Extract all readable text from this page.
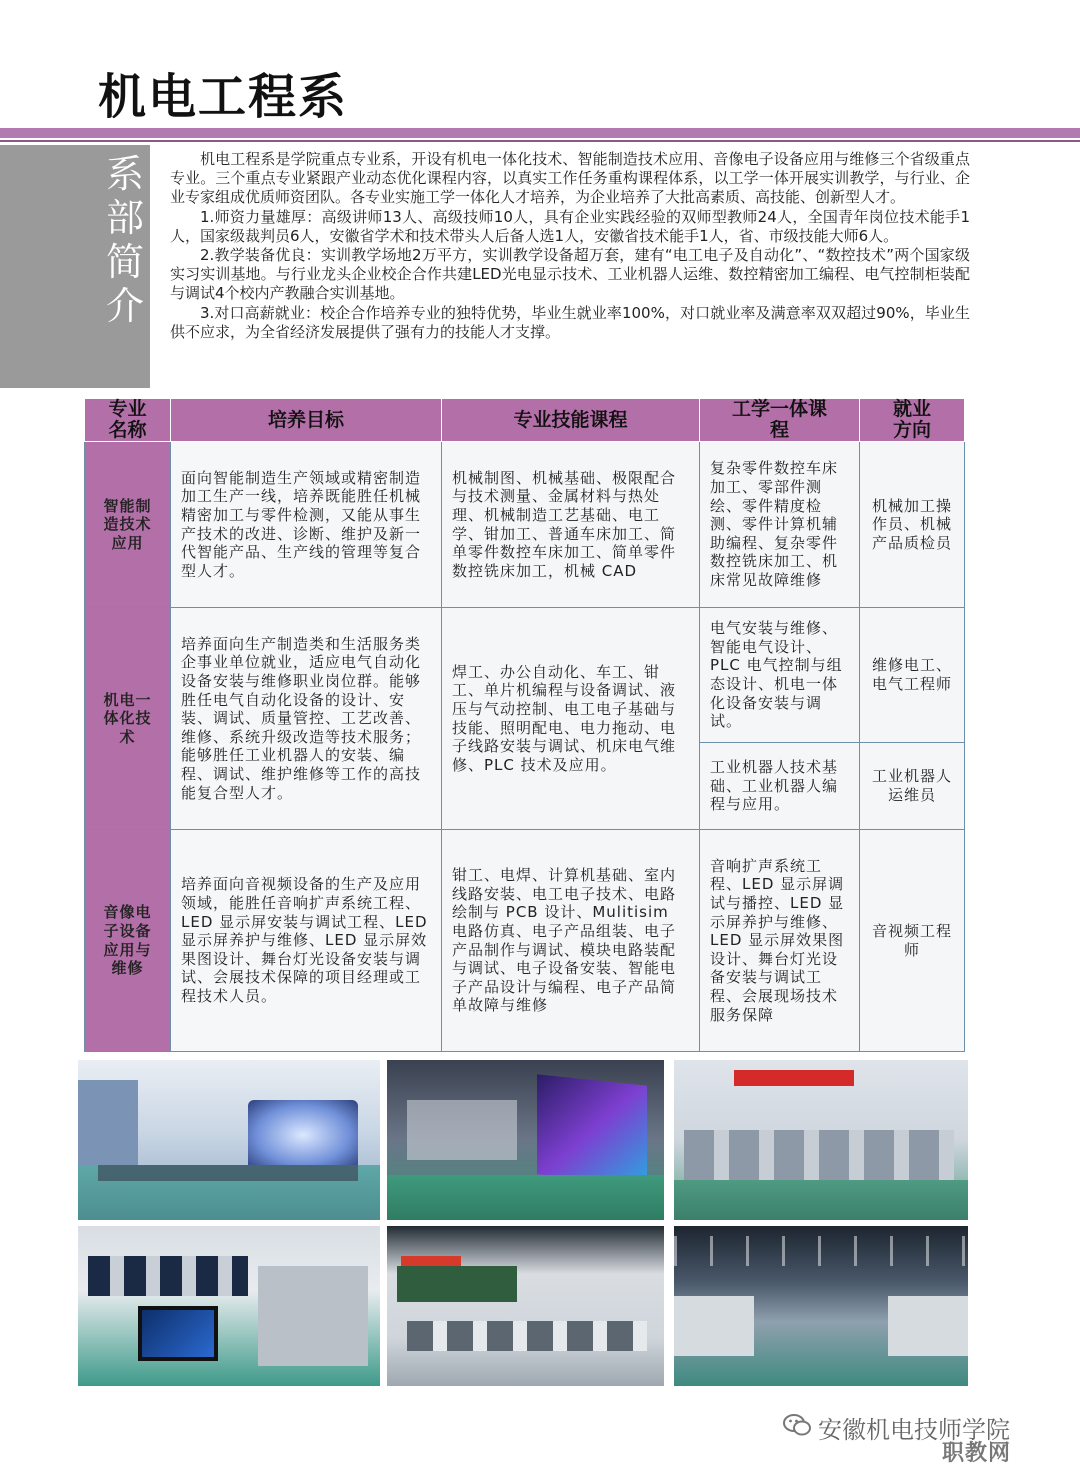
机电工程系
系
部
简
介

机电工程系是学院重点专业系，开设有机电一体化技术、智能制造技术应用、音像电子设备应用与维修三个省级重点专业。三个重点专业紧跟产业动态优化课程内容，以真实工作任务重构课程体系，以工学一体开展实训教学，与行业、企业专家组成优质师资团队。各专业实施工学一体化人才培养，为企业培养了大批高素质、高技能、创新型人才。

1.师资力量雄厚：高级讲师13人、高级技师10人，具有企业实践经验的双师型教师24人，全国青年岗位技术能手1人，国家级裁判员6人，安徽省学术和技术带头人后备人选1人，安徽省技术能手1人，省、市级技能大师6人。

2.教学装备优良：实训教学场地2万平方，实训教学设备超万套，建有“电工电子及自动化”、“数控技术”两个国家级实习实训基地。与行业龙头企业校企合作共建LED光电显示技术、工业机器人运维、数控精密加工编程、电气控制柜装配与调试4个校内产教融合实训基地。

3.对口高薪就业：校企合作培养专业的独特优势，毕业生就业率100%，对口就业率及满意率双双超过90%，毕业生供不应求，为全省经济发展提供了强有力的技能人才支撑。

专业名称	培养目标	专业技能课程	工学一体课程	就业方向

智能制造技术应用	面向智能制造生产领域或精密制造加工生产一线，培养既能胜任机械精密加工与零件检测，又能从事生产技术的改进、诊断、维护及新一代智能产品、生产线的管理等复合型人才。	机械制图、机械基础、极限配合与技术测量、金属材料与热处理、机械制造工艺基础、电工学、钳加工、普通车床加工、简单零件数控车床加工、简单零件数控铣床加工，机械 CAD	复杂零件数控车床加工、零部件测绘、零件精度检测、零件计算机辅助编程、复杂零件数控铣床加工、机床常见故障维修	机械加工操作员、机械产品质检员

机电一体化技术	培养面向生产制造类和生活服务类企事业单位就业，适应电气自动化设备安装与维修职业岗位群。能够胜任电气自动化设备的设计、安装、调试、质量管控、工艺改善、维修、系统升级改造等技术服务；能够胜任工业机器人的安装、编程、调试、维护维修等工作的高技能复合型人才。	焊工、办公自动化、车工、钳工、单片机编程与设备调试、液压与气动控制、电工电子基础与技能、照明配电、电力拖动、电子线路安装与调试、机床电气维修、PLC 技术及应用。	电气安装与维修、智能电气设计、PLC 电气控制与组态设计、机电一体化设备安装与调试。	维修电工、电气工程师
			工业机器人技术基础、工业机器人编程与应用。	工业机器人运维员

音像电子设备应用与维修	培养面向音视频设备的生产及应用领域，能胜任音响扩声系统工程、LED 显示屏安装与调试工程、LED 显示屏养护与维修、LED 显示屏效果图设计、舞台灯光设备安装与调试、会展技术保障的项目经理或工程技术人员。	钳工、电焊、计算机基础、室内线路安装、电工电子技术、电路绘制与 PCB 设计、Mulitisim 电路仿真、电子产品组装、电子产品制作与调试、模块电路装配与调试、电子设备安装、智能电子产品设计与编程、电子产品简单故障与维修	音响扩声系统工程、LED 显示屏调试与播控、LED 显示屏养护与维修、LED 显示屏效果图设计、舞台灯光设备安装与调试工程、会展现场技术服务保障	音视频工程师
安徽机电技师学院
职教网
